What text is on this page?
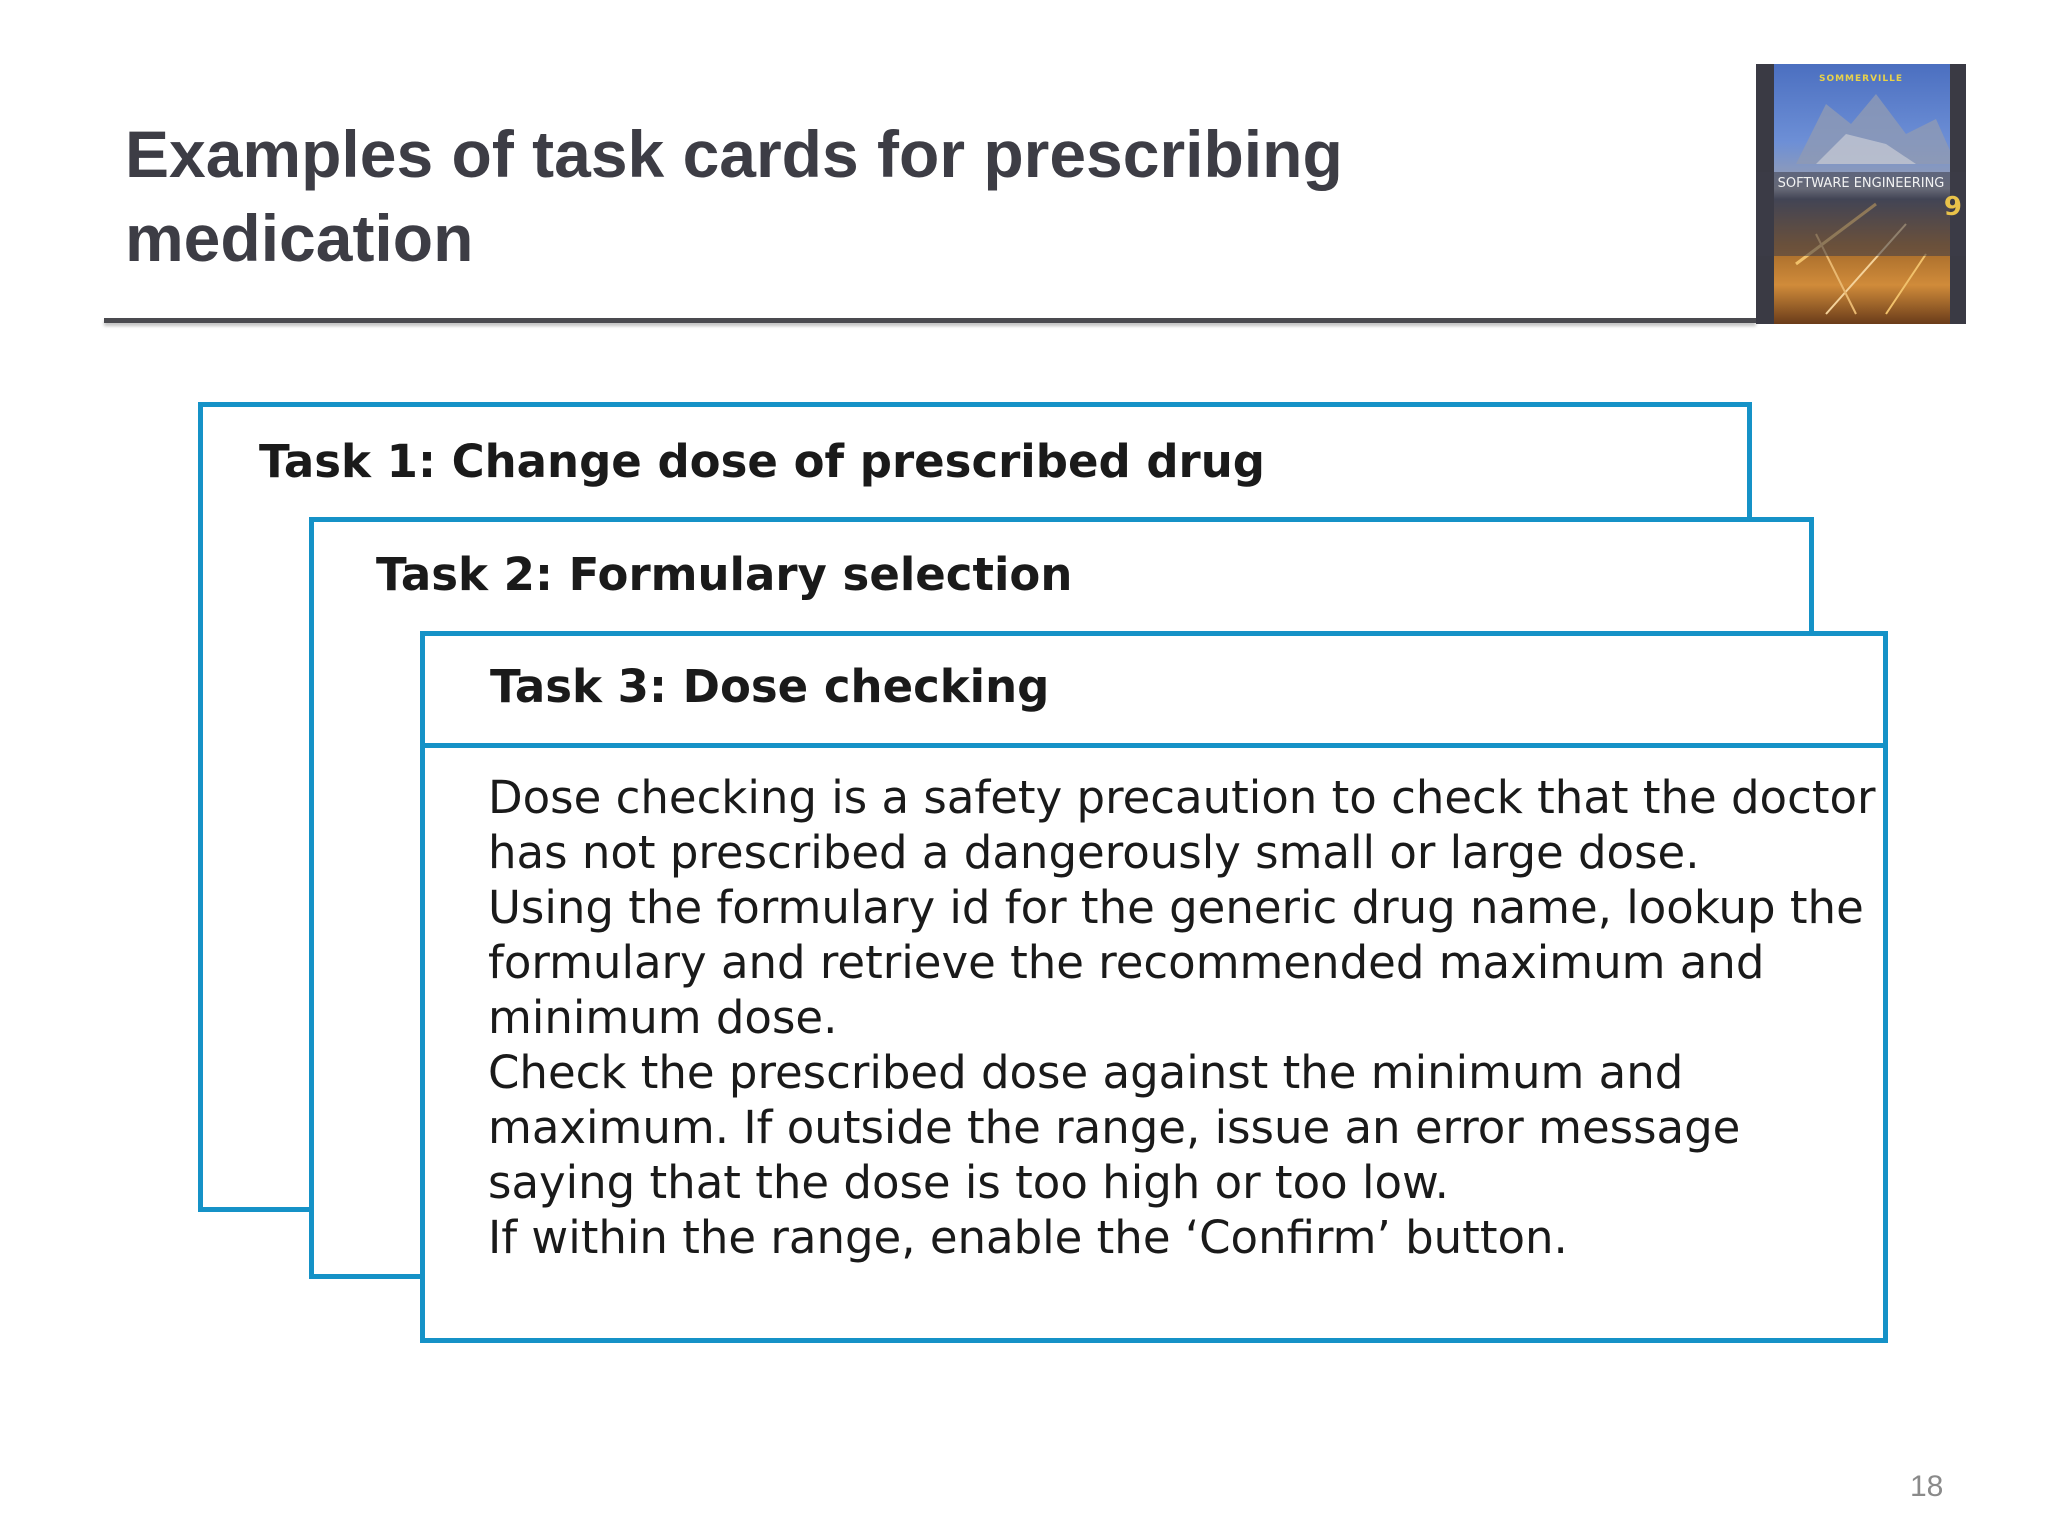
Examples of task cards for prescribing medication
SOMMERVILLE
SOFTWARE ENGINEERING
9
Task 1: Change dose of prescribed drug
Task 2: Formulary selection
Task 3: Dose checking

Dose checking is a safety precaution to check that the doctor has not prescribed a dangerously small or large dose.

Using the formulary id for the generic drug name, lookup the formulary and retrieve the recommended maximum and minimum dose.

Check the prescribed dose against the minimum and maximum. If outside the range, issue an error message saying that the dose is too high or too low.

If within the range, enable the ‘Confirm’ button.

18
